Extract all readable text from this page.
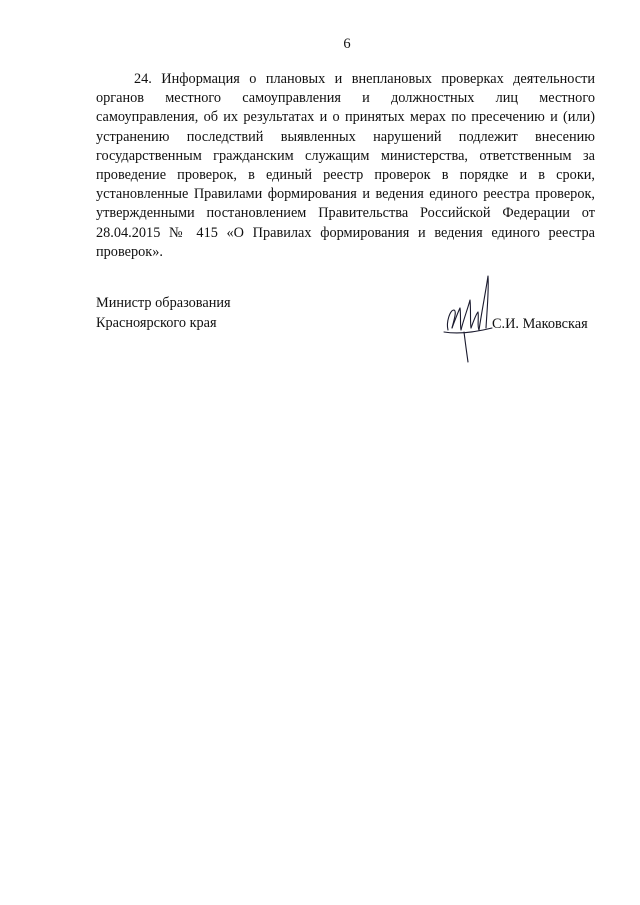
6

24. Информация о плановых и внеплановых проверках деятельности органов местного самоуправления и должностных лиц местного самоуправления, об их результатах и о принятых мерах по пресечению и (или) устранению последствий выявленных нарушений подлежит внесению государственным гражданским служащим министерства, ответственным за проведение проверок, в единый реестр проверок в порядке и в сроки, установленные Правилами формирования и ведения единого реестра проверок, утвержденными постановлением Правительства Российской Федерации от 28.04.2015 № 415 «О Правилах формирования и ведения единого реестра проверок».

Министр образования
Красноярского края	С.И. Маковская
